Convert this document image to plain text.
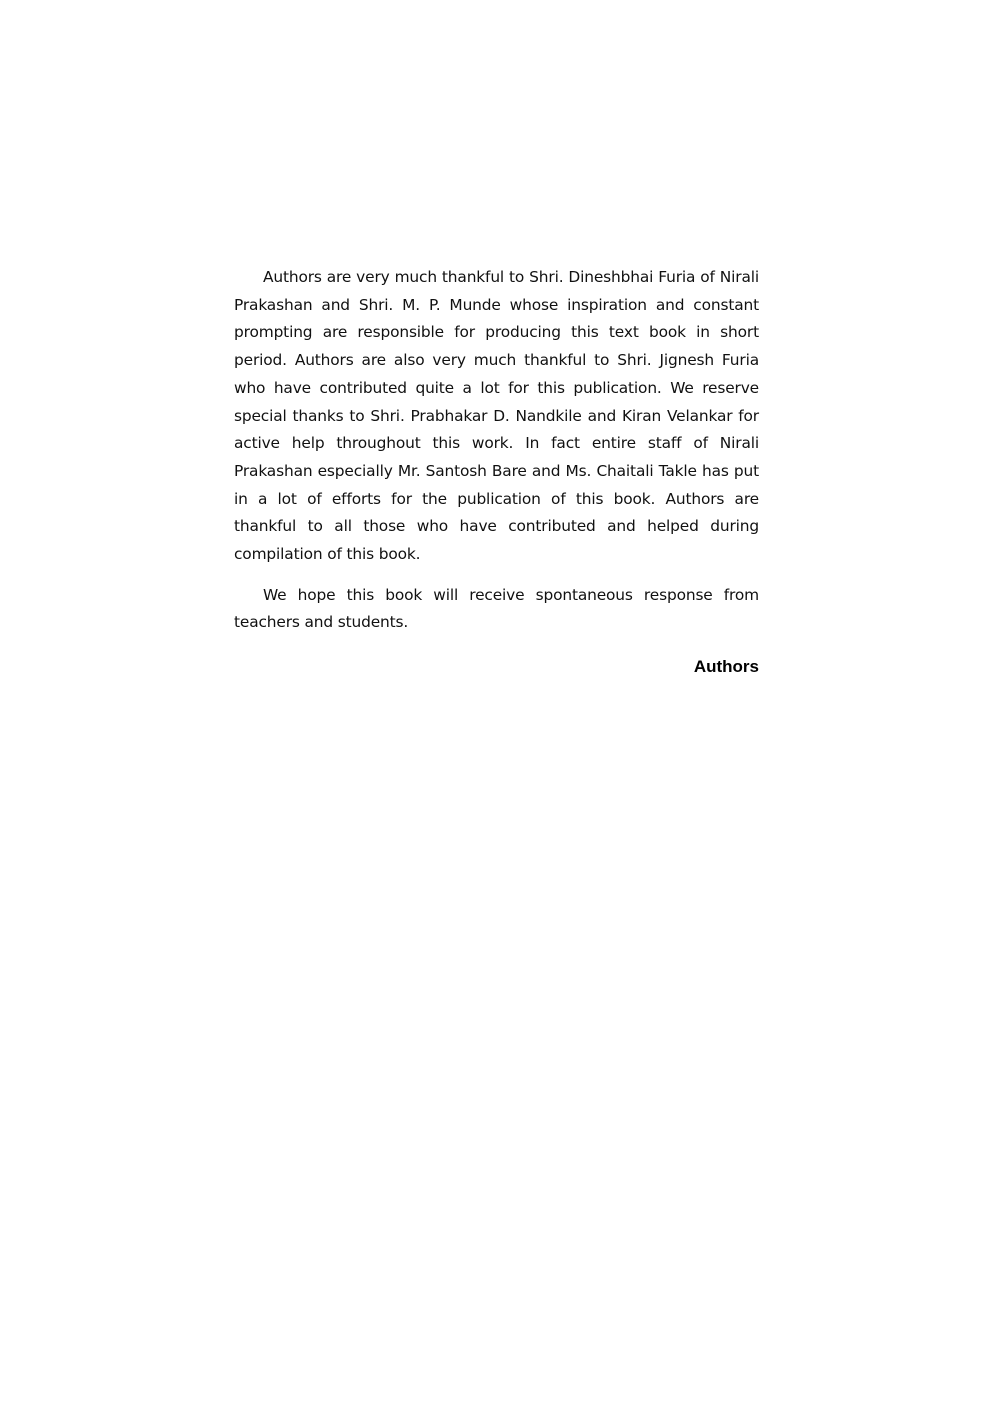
Authors are very much thankful to Shri. Dineshbhai Furia of Nirali Prakashan and Shri. M. P. Munde whose inspiration and constant prompting are responsible for producing this text book in short period. Authors are also very much thankful to Shri. Jignesh Furia who have contributed quite a lot for this publication. We reserve special thanks to Shri. Prabhakar D. Nandkile and Kiran Velankar for active help throughout this work. In fact entire staff of Nirali Prakashan especially Mr. Santosh Bare and Ms. Chaitali Takle has put in a lot of efforts for the publication of this book. Authors are thankful to all those who have contributed and helped during compilation of this book.

We hope this book will receive spontaneous response from teachers and students.

Authors
